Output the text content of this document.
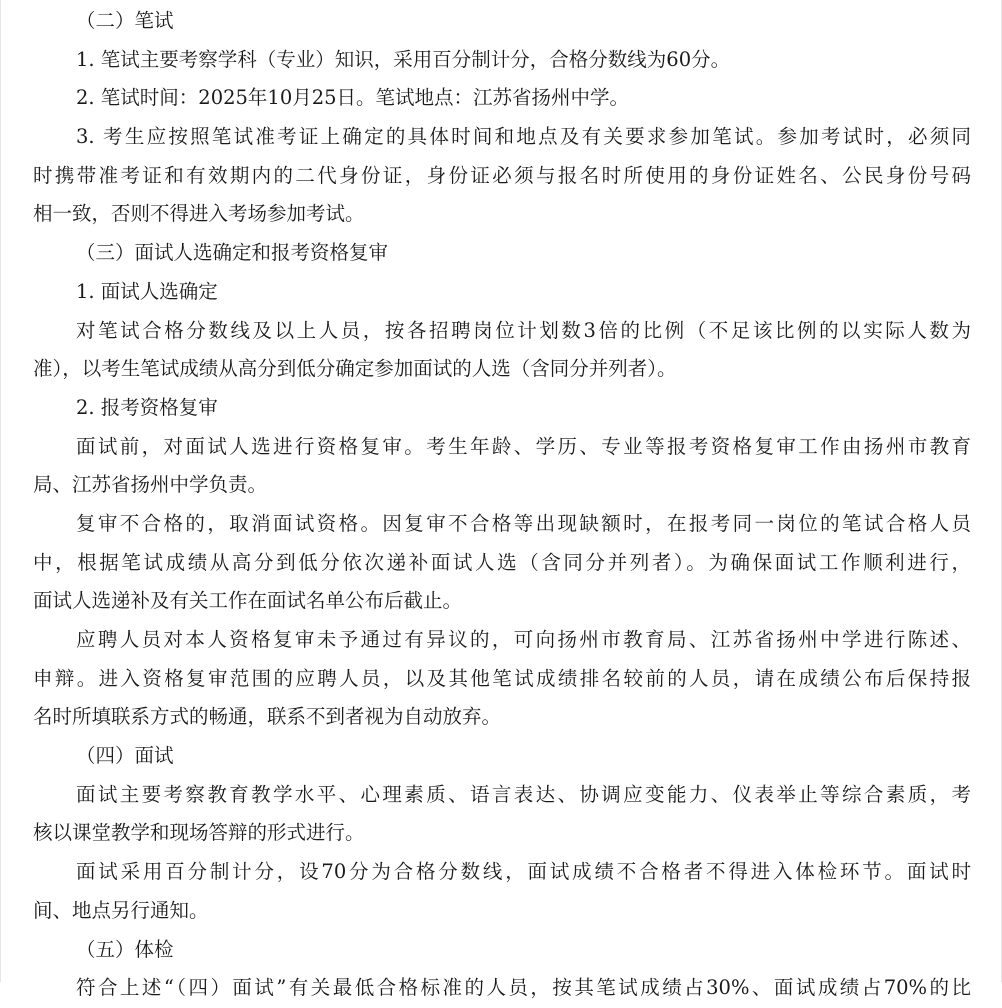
（二）笔试
1. 笔试主要考察学科（专业）知识，采用百分制计分，合格分数线为60分。
2. 笔试时间：2025年10月25日。笔试地点：江苏省扬州中学。
3. 考生应按照笔试准考证上确定的具体时间和地点及有关要求参加笔试。参加考试时，必须同
时携带准考证和有效期内的二代身份证，身份证必须与报名时所使用的身份证姓名、公民身份号码
相一致，否则不得进入考场参加考试。
（三）面试人选确定和报考资格复审
1. 面试人选确定
对笔试合格分数线及以上人员，按各招聘岗位计划数3倍的比例（不足该比例的以实际人数为
准），以考生笔试成绩从高分到低分确定参加面试的人选（含同分并列者）。
2. 报考资格复审
面试前，对面试人选进行资格复审。考生年龄、学历、专业等报考资格复审工作由扬州市教育
局、江苏省扬州中学负责。
复审不合格的，取消面试资格。因复审不合格等出现缺额时，在报考同一岗位的笔试合格人员
中，根据笔试成绩从高分到低分依次递补面试人选（含同分并列者）。为确保面试工作顺利进行，
面试人选递补及有关工作在面试名单公布后截止。
应聘人员对本人资格复审未予通过有异议的，可向扬州市教育局、江苏省扬州中学进行陈述、
申辩。进入资格复审范围的应聘人员，以及其他笔试成绩排名较前的人员，请在成绩公布后保持报
名时所填联系方式的畅通，联系不到者视为自动放弃。
（四）面试
面试主要考察教育教学水平、心理素质、语言表达、协调应变能力、仪表举止等综合素质，考
核以课堂教学和现场答辩的形式进行。
面试采用百分制计分，设70分为合格分数线，面试成绩不合格者不得进入体检环节。面试时
间、地点另行通知。
（五）体检
符合上述“（四）面试”有关最低合格标准的人员，按其笔试成绩占30%、面试成绩占70%的比
